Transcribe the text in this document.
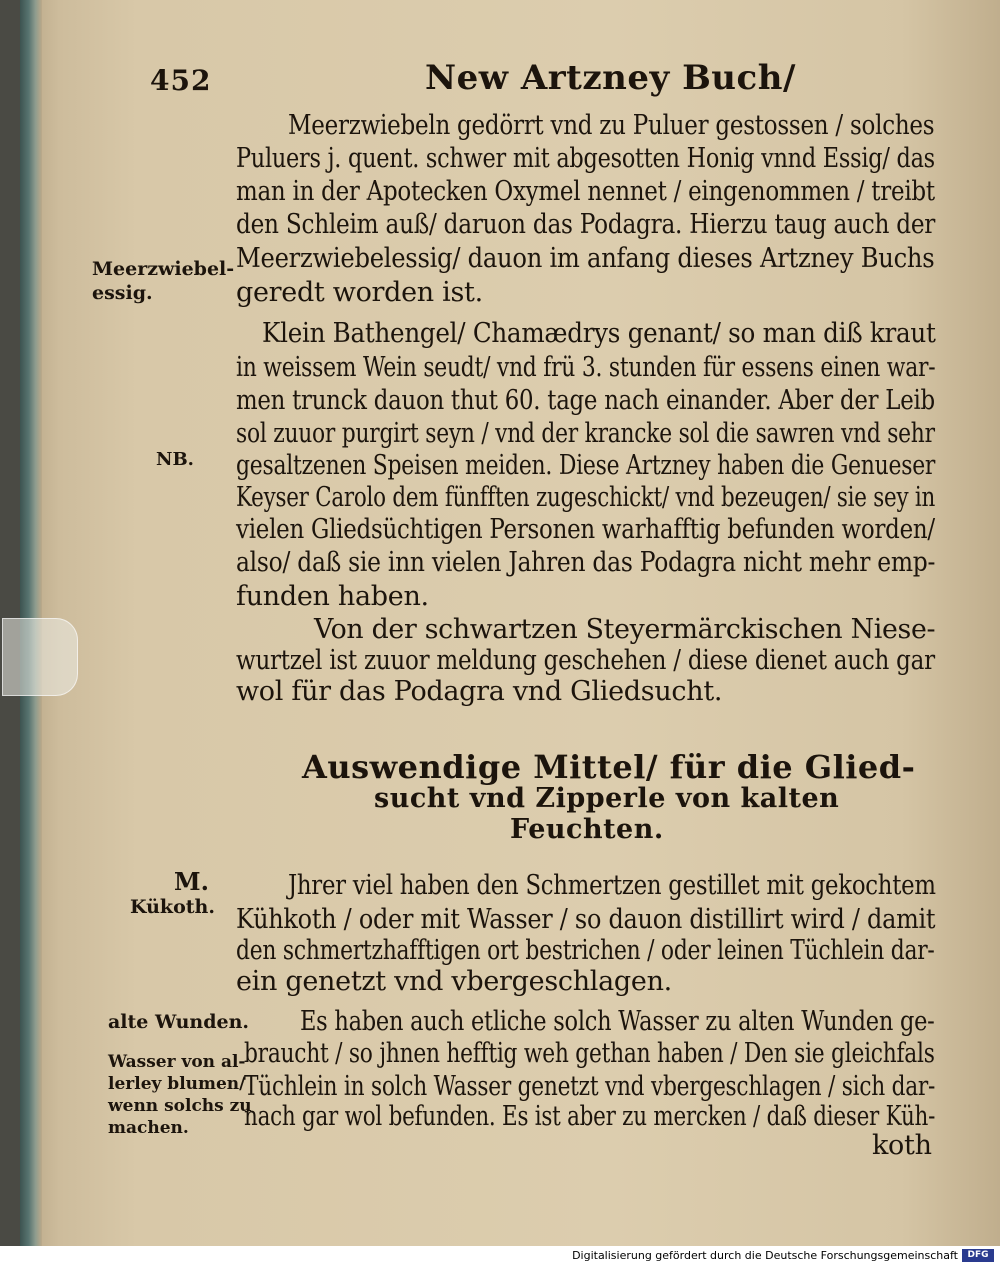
452	New Artzney Buch/
Meerzwiebeln gedörrt vnd zu Puluer gestossen / solches
Puluers j. quent. schwer mit abgesotten Honig vnnd Essig/ das
man in der Apotecken Oxymel nennet / eingenommen / treibt
den Schleim auß/ daruon das Podagra. Hierzu taug auch der
Meerzwiebelessig/ dauon im anfang dieses Artzney Buchs
geredt worden ist.
Klein Bathengel/ Chamædrys genant/ so man diß kraut
in weissem Wein seudt/ vnd frü 3. stunden für essens einen war-
men trunck dauon thut 60. tage nach einander. Aber der Leib
sol zuuor purgirt seyn / vnd der krancke sol die sawren vnd sehr
gesaltzenen Speisen meiden. Diese Artzney haben die Genueser
Keyser Carolo dem fünfften zugeschickt/ vnd bezeugen/ sie sey in
vielen Gliedsüchtigen Personen warhafftig befunden worden/
also/ daß sie inn vielen Jahren das Podagra nicht mehr emp-
funden haben.
Von der schwartzen Steyermärckischen Niese-
wurtzel ist zuuor meldung geschehen / diese dienet auch gar
wol für das Podagra vnd Gliedsucht.
Auswendige Mittel/ für die Glied-
sucht vnd Zipperle von kalten
Feuchten.
Jhrer viel haben den Schmertzen gestillet mit gekochtem
Kühkoth / oder mit Wasser / so dauon distillirt wird / damit
den schmertzhafftigen ort bestrichen / oder leinen Tüchlein dar-
ein genetzt vnd vbergeschlagen.
Es haben auch etliche solch Wasser zu alten Wunden ge-
braucht / so jhnen hefftig weh gethan haben / Den sie gleichfals
Tüchlein in solch Wasser genetzt vnd vbergeschlagen / sich dar-
nach gar wol befunden. Es ist aber zu mercken / daß dieser Küh-
koth
Meerzwiebel-
essig.
NB.
M.
Kükoth.
alte Wunden.
Wasser von al-
lerley blumen/
wenn solchs zu
machen.
Digitalisierung gefördert durch die Deutsche Forschungsgemeinschaft	DFG
